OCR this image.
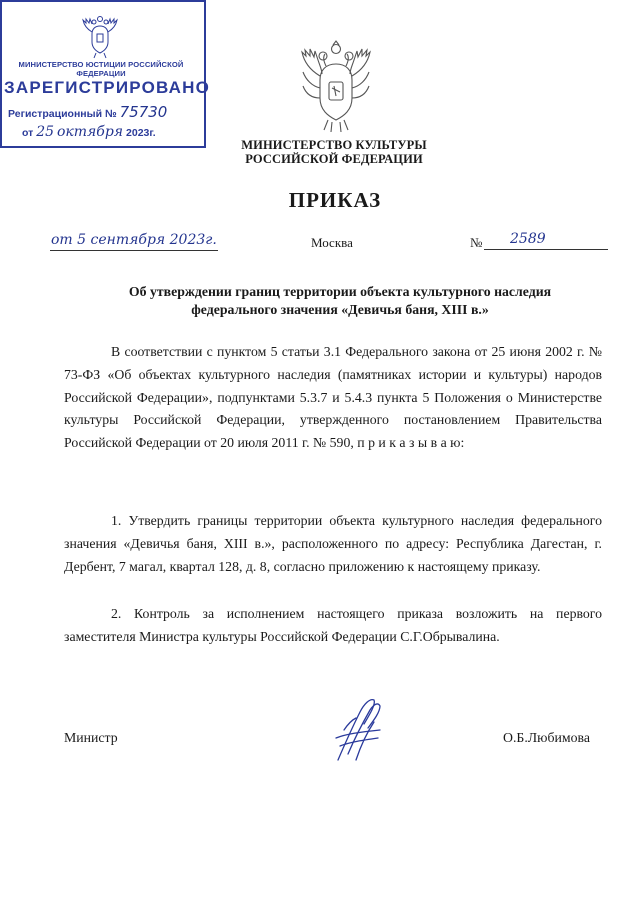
МИНИСТЕРСТВО КУЛЬТУРЫ
РОССИЙСКОЙ ФЕДЕРАЦИИ
МИНИСТЕРСТВО ЮСТИЦИИ РОССИЙСКОЙ ФЕДЕРАЦИИ
ЗАРЕГИСТРИРОВАНО
Регистрационный № 75730
от 25 октября 2023г.
ПРИКАЗ
от 5 сентября 2023г.	Москва	№ 2589
Об утверждении границ территории объекта культурного наследия
федерального значения «Девичья баня, XIII в.»
В соответствии с пунктом 5 статьи 3.1 Федерального закона от 25 июня 2002 г. № 73-ФЗ «Об объектах культурного наследия (памятниках истории и культуры) народов Российской Федерации», подпунктами 5.3.7 и 5.4.3 пункта 5 Положения о Министерстве культуры Российской Федерации, утвержденного постановлением Правительства Российской Федерации от 20 июля 2011 г. № 590, п р и к а з ы в а ю:
1. Утвердить границы территории объекта культурного наследия федерального значения «Девичья баня, XIII в.», расположенного по адресу: Республика Дагестан, г. Дербент, 7 магал, квартал 128, д. 8, согласно приложению к настоящему приказу.
2. Контроль за исполнением настоящего приказа возложить на первого заместителя Министра культуры Российской Федерации С.Г.Обрывалина.
Министр	О.Б.Любимова
